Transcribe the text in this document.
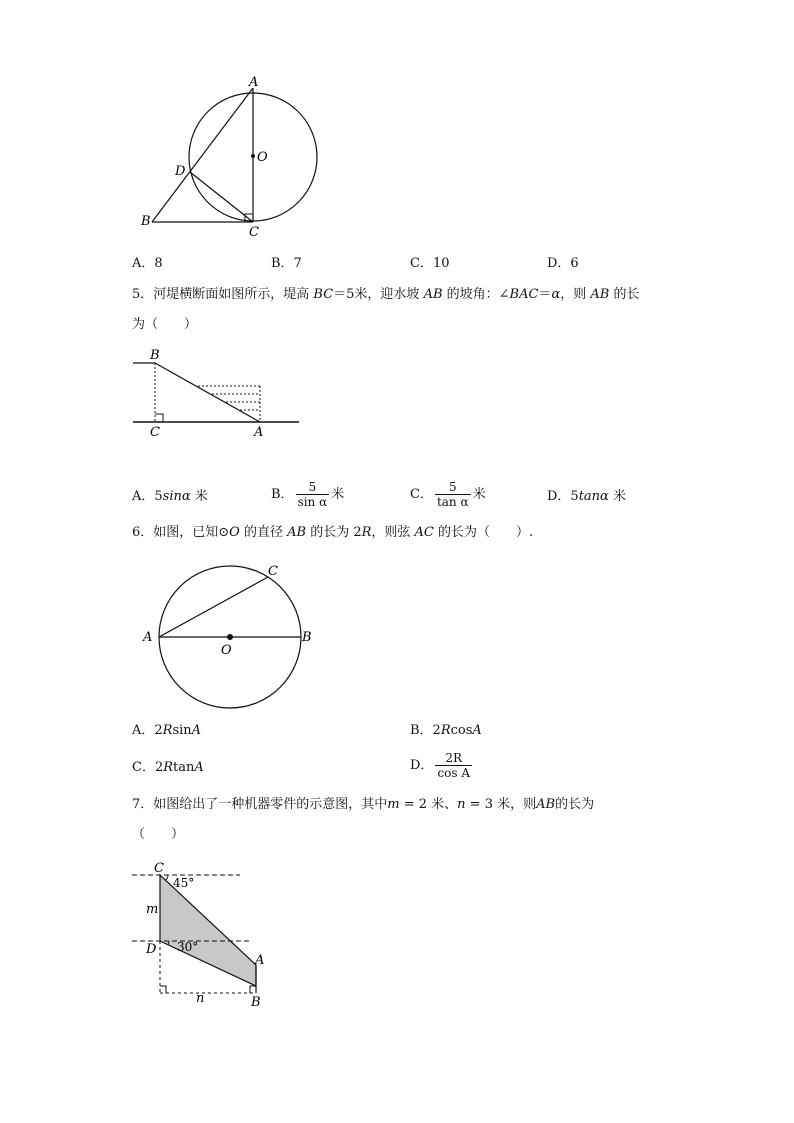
A
O
D
B
C
A．8	B．7	C．10	D．6
5．河堤横断面如图所示，堤高 BC＝5米，迎水坡 AB 的坡角：∠BAC＝α，则 AB 的长
为（　　）
B
C	A
A．5sinα 米	B． $\frac{5}{\text{sin α}}$ 米	C． $\frac{5}{\text{tan α}}$ 米	D．5tanα 米
6．如图，已知⊙O 的直径 AB 的长为 2R，则弦 AC 的长为（　　）.
A	B
C
O
A．2RsinA	B．2RcosA
C．2RtanA	D． $\frac{2R}{\text{cos A}}$
7．如图给出了一种机器零件的示意图，其中m = 2 米、n = 3 米，则AB的长为
（　　）
C
45°
m
D 30°
A
n	B
